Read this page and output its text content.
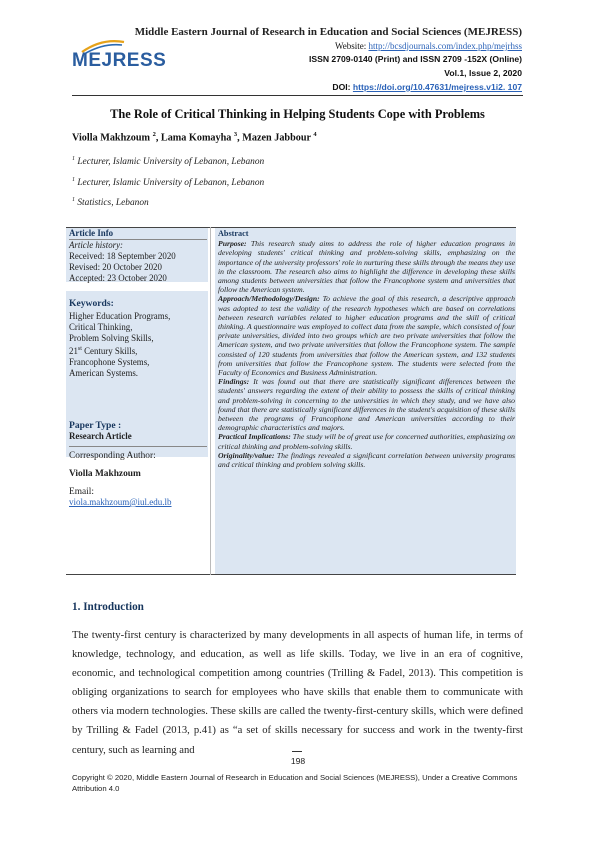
MEJRESS
Middle Eastern Journal of Research in Education and Social Sciences (MEJRESS)
Website: http://bcsdjournals.com/index.php/mejrhss
ISSN 2709-0140 (Print) and ISSN 2709 -152X (Online)
Vol.1, Issue 2, 2020
DOI: https://doi.org/10.47631/mejress.v1i2. 107
The Role of Critical Thinking in Helping Students Cope with Problems
Violla Makhzoum $^2$, Lama Komayha $^3$, Mazen Jabbour $^4$
$^1$ Lecturer, Islamic University of Lebanon, Lebanon
$^1$ Lecturer, Islamic University of Lebanon, Lebanon
$^1$ Statistics, Lebanon
Article Info
Article history:
Received: 18 September 2020
Revised: 20 October 2020
Accepted: 23 October 2020
Keywords:
Higher Education Programs,
Critical Thinking,
Problem Solving Skills,
21st Century Skills,
Francophone Systems,
American Systems.
Paper Type :
Research Article
Corresponding Author:
Violla Makhzoum
Email:
viola.makhzoum@iul.edu.lb
Abstract
Purpose: This research study aims to address the role of higher education programs in developing students' critical thinking and problem-solving skills, emphasizing on the importance of the university professors' role in nurturing these skills through the means they use in the classroom. The research also aims to highlight the difference in developing these skills among students between universities that follow the Francophone system and universities that follow the American system.
Approach/Methodology/Design: To achieve the goal of this research, a descriptive approach was adopted to test the validity of the research hypotheses which are based on correlations between research variables related to higher education programs and the skill of critical thinking. A questionnaire was employed to collect data from the sample, which consisted of four private universities, divided into two groups which are two private universities that follow the American system, and two private universities that follow the Francophone system. The sample consisted of 120 students from universities that follow the American system, and 132 students from universities that follow the Francophone system. The students were selected from the Faculty of Economics and Business Administration.
Findings: It was found out that there are statistically significant differences between the students' answers regarding the extent of their ability to possess the skills of critical thinking and problem-solving in concerning to the universities in which they study, and we have also found that there are statistically significant differences in the student's acquisition of these skills between the programs of Francophone and American universities according to their demographic characteristics and majors.
Practical Implications: The study will be of great use for concerned authorities, emphasizing on critical thinking and problem-solving skills.
Originality/value: The findings revealed a significant correlation between university programs and critical thinking and problem solving skills.
1. Introduction
The twenty-first century is characterized by many developments in all aspects of human life, in terms of knowledge, technology, and education, as well as life skills. Today, we live in an era of cognitive, economic, and technological competition among countries (Trilling & Fadel, 2013). This competition is obliging organizations to search for employees who have skills that enable them to communicate with others via modern technologies. These skills are called the twenty-first-century skills, which were defined by Trilling & Fadel (2013, p.41) as “a set of skills necessary for success and work in the twenty-first century, such as learning and
198
Copyright © 2020, Middle Eastern Journal of Research in Education and Social Sciences (MEJRESS), Under a Creative Commons Attribution 4.0
